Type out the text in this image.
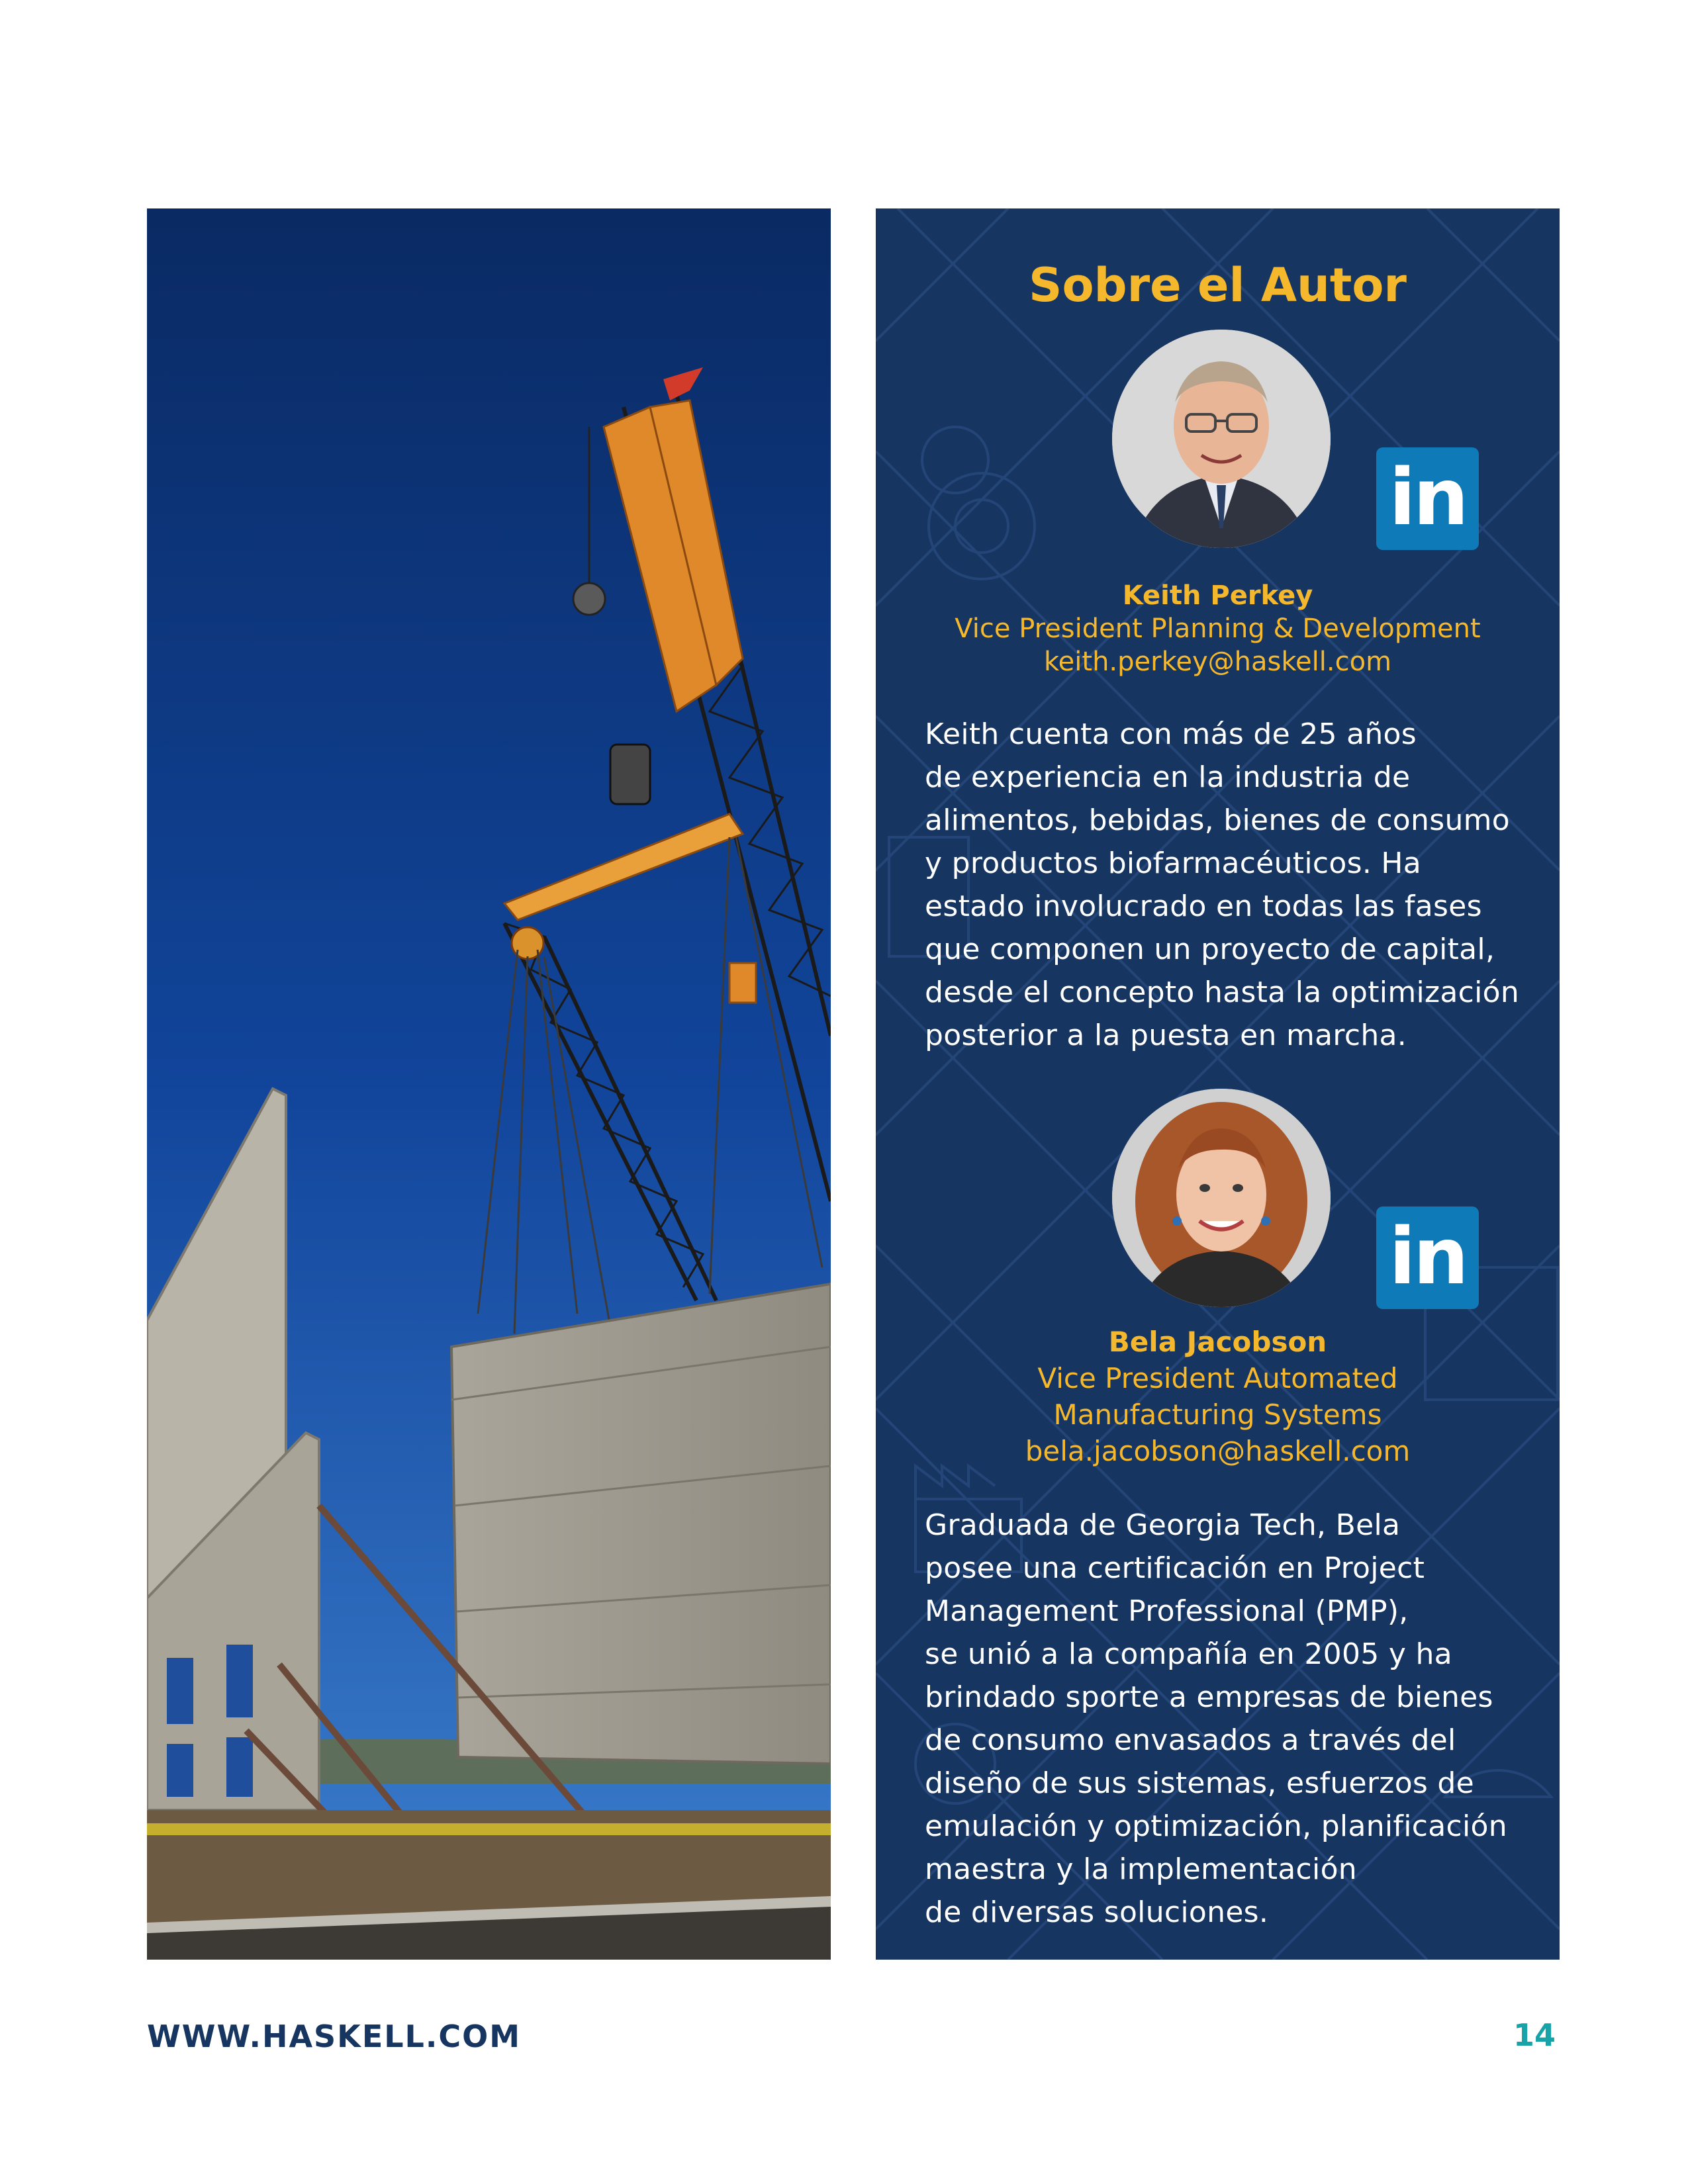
Sobre el Autor
in
Keith Perkey
Vice President Planning & Development
keith.perkey@haskell.com
Keith cuenta con más de 25 años
de experiencia en la industria de
alimentos, bebidas, bienes de consumo
y productos biofarmacéuticos. Ha
estado involucrado en todas las fases
que componen un proyecto de capital,
desde el concepto hasta la optimización
posterior a la puesta en marcha.
in
Bela Jacobson
Vice President Automated
Manufacturing Systems
bela.jacobson@haskell.com
Graduada de Georgia Tech, Bela
posee una certificación en Project
Management Professional (PMP),
se unió a la compañía en 2005 y ha
brindado sporte a empresas de bienes
de consumo envasados a través del
diseño de sus sistemas, esfuerzos de
emulación y optimización, planificación
maestra y la implementación
de diversas soluciones.
WWW.HASKELL.COM	14
